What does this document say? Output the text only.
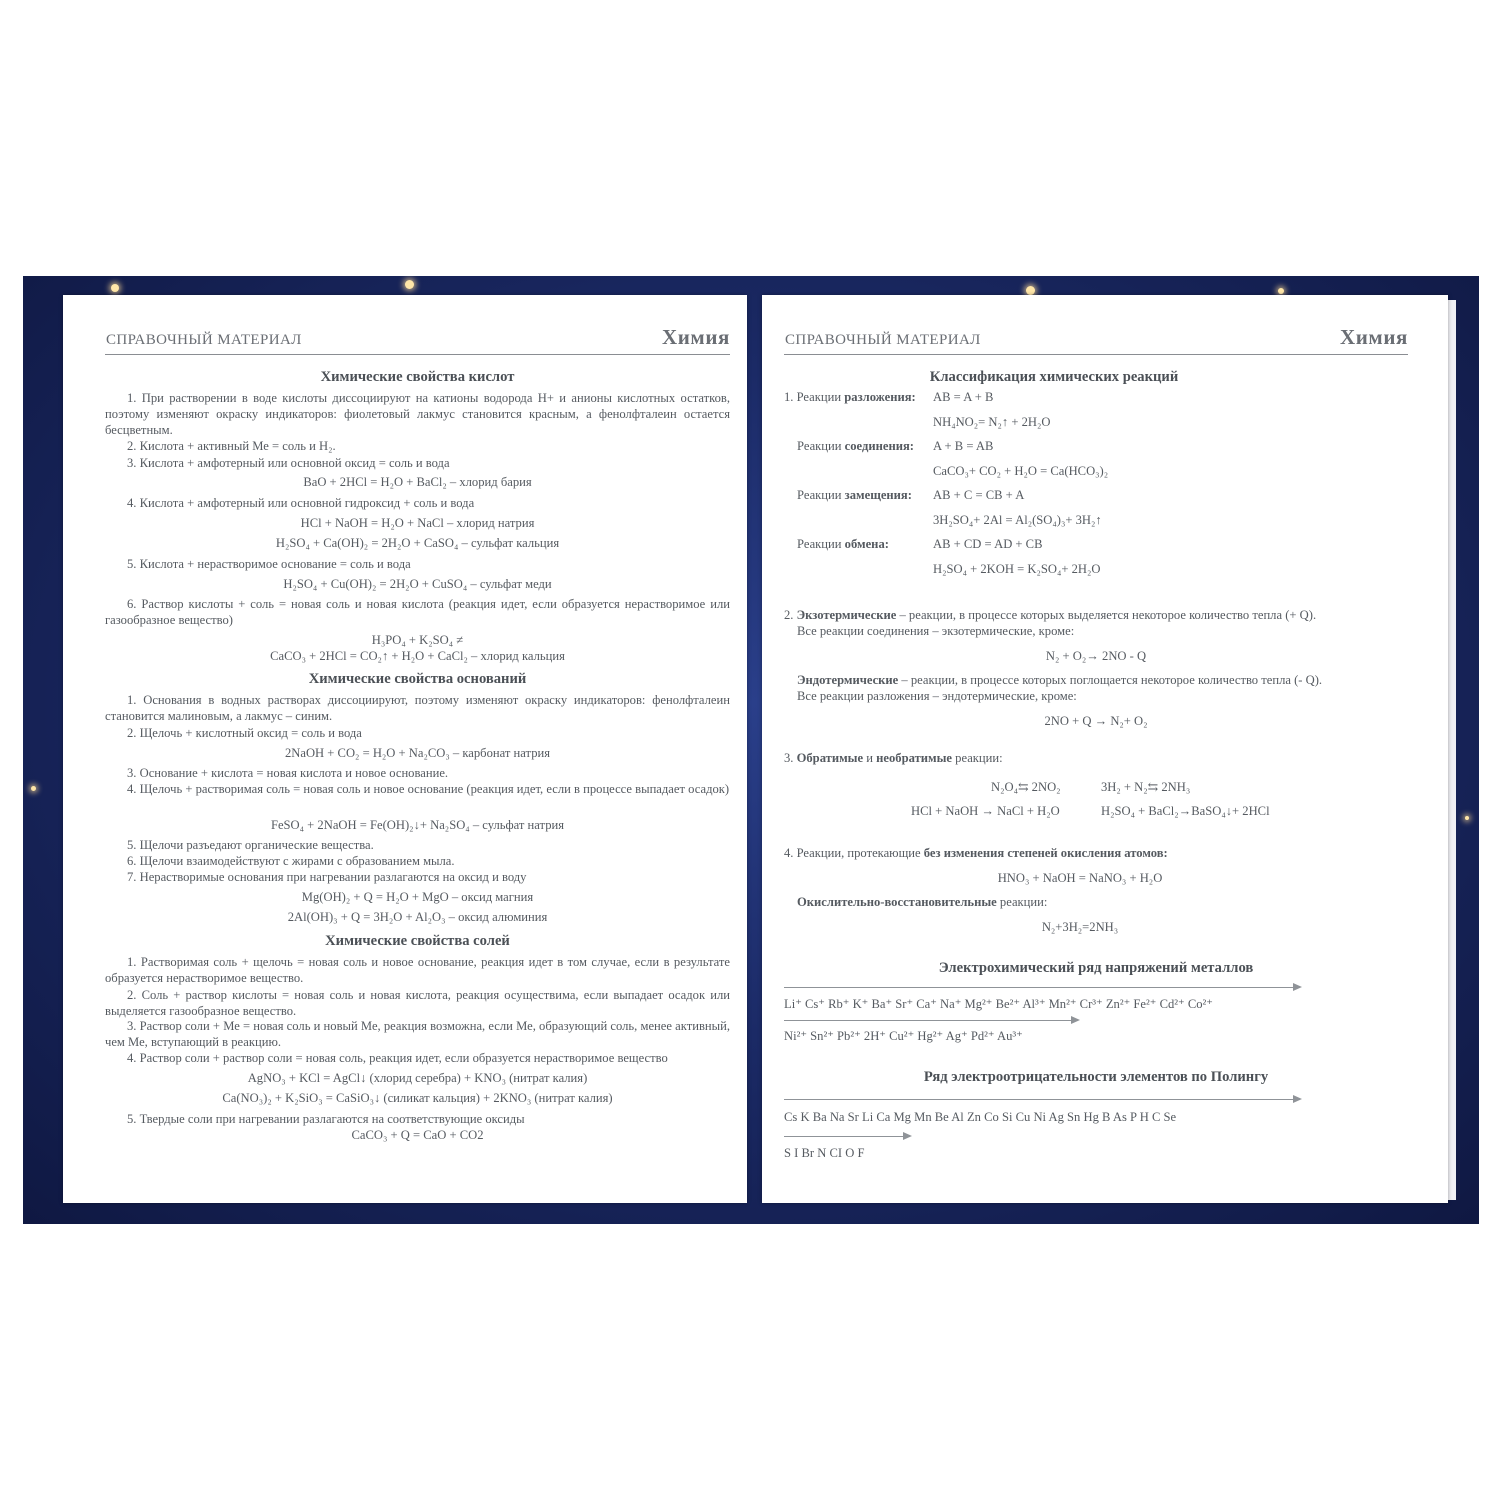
СПРАВОЧНЫЙ МАТЕРИАЛ	Химия	СПРАВОЧНЫЙ МАТЕРИАЛ	Химия
Химические свойства кислот
1. При растворении в воде кислоты диссоциируют на катионы водорода H+ и анионы кислотных остатков, поэтому изменяют окраску индикаторов: фиолетовый лакмус становится красным, а фенолфталеин остается бесцветным.
2. Кислота + активный Ме = соль и H₂.
3. Кислота + амфотерный или основной оксид = соль и вода
BaO + 2HCl = H₂O + BaCl₂ – хлорид бария
4. Кислота + амфотерный или основной гидроксид + соль и вода
HCl + NaOH = H₂O + NaCl – хлорид натрия
H₂SO₄ + Ca(OH)₂ = 2H₂O + CaSO₄ – сульфат кальция
5. Кислота + нерастворимое основание = соль и вода
H₂SO₄ + Cu(OH)₂ = 2H₂O + CuSO₄ – сульфат меди
6. Раствор кислоты + соль = новая соль и новая кислота (реакция идет, если образуется нерастворимое или газообразное вещество)
H₃PO₄ + K₂SO₄ ≠
CaCO₃ + 2HCl = CO₂↑ + H₂O + CaCl₂ – хлорид кальция
Химические свойства оснований
1. Основания в водных растворах диссоциируют, поэтому изменяют окраску индикаторов: фенолфталеин становится малиновым, а лакмус – синим.
2. Щелочь + кислотный оксид = соль и вода
2NaOH + CO₂ = H₂O + Na₂CO₃ – карбонат натрия
3. Основание + кислота = новая кислота и новое основание.
4. Щелочь + растворимая соль = новая соль и новое основание (реакция идет, если в процессе выпадает осадок)
FeSO₄ + 2NaOH = Fe(OH)₂↓+ Na₂SO₄ – сульфат натрия
5. Щелочи разъедают органические вещества.
6. Щелочи взаимодействуют с жирами с образованием мыла.
7. Нерастворимые основания при нагревании разлагаются на оксид и воду
Mg(OH)₂ + Q = H₂O + MgO – оксид магния
2Al(OH)₃ + Q = 3H₂O + Al₂O₃ – оксид алюминия
Химические свойства солей
1. Растворимая соль + щелочь = новая соль и новое основание, реакция идет в том случае, если в результате образуется нерастворимое вещество.
2. Соль + раствор кислоты = новая соль и новая кислота, реакция осуществима, если выпадает осадок или выделяется газообразное вещество.
3. Раствор соли + Ме = новая соль и новый Ме, реакция возможна, если Ме, образующий соль, менее активный, чем Ме, вступающий в реакцию.
4. Раствор соли + раствор соли = новая соль, реакция идет, если образуется нерастворимое вещество
AgNO₃ + KCl = AgCl↓ (хлорид серебра) + KNO₃ (нитрат калия)
Ca(NO₃)₂ + K₂SiO₃ = CaSiO₃↓ (силикат кальция) + 2KNO₃ (нитрат калия)
5. Твердые соли при нагревании разлагаются на соответствующие оксиды
CaCO₃ + Q = CaO + CO2
Классификация химических реакций
1. Реакции разложения: AB = A + B
NH₄NO₂= N₂↑ + 2H₂O
Реакции соединения: A + B = AB
CaCO₃+ CO₂ + H₂O = Ca(HCO₃)₂
Реакции замещения: AB + C = CB + A
3H₂SO₄+ 2Al = Al₂(SO₄)₃+ 3H₂↑
Реакции обмена:	AB + CD = AD + CB
H₂SO₄ + 2KOH = K₂SO₄+ 2H₂O
2. Экзотермические – реакции, в процессе которых выделяется некоторое количество тепла (+ Q).
Все реакции соединения – экзотермические, кроме:
N₂ + O₂→ 2NO - Q
Эндотермические – реакции, в процессе которых поглощается некоторое количество тепла (- Q).
Все реакции разложения – эндотермические, кроме:
2NO + Q → N₂+ O₂
3. Обратимые и необратимые реакции:
N₂O₄⇆ 2NO₂	3H₂ + N₂⇆ 2NH₃
HCl + NaOH → NaCl + H₂O	H₂SO₄ + BaCl₂→BaSO₄↓+ 2HCl
4. Реакции, протекающие без изменения степеней окисления атомов:
HNO₃ + NaOH = NaNO₃ + H₂O
Окислительно-восстановительные реакции:
N₂+3H₂=2NH₃
Электрохимический ряд напряжений металлов
Li⁺ Cs⁺ Rb⁺ K⁺ Ba⁺ Sr⁺ Ca⁺ Na⁺ Mg²⁺ Be²⁺ Al³⁺ Mn²⁺ Cr³⁺ Zn²⁺ Fe²⁺ Cd²⁺ Co²⁺
Ni²⁺ Sn²⁺ Pb²⁺ 2H⁺ Cu²⁺ Hg²⁺ Ag⁺ Pd²⁺ Au³⁺
Ряд электроотрицательности элементов по Полингу
Cs K Ba Na Sr Li Ca Mg Mn Be Al Zn Co Si Cu Ni Ag Sn Hg B As P H C Se
S I Br N CI O F
